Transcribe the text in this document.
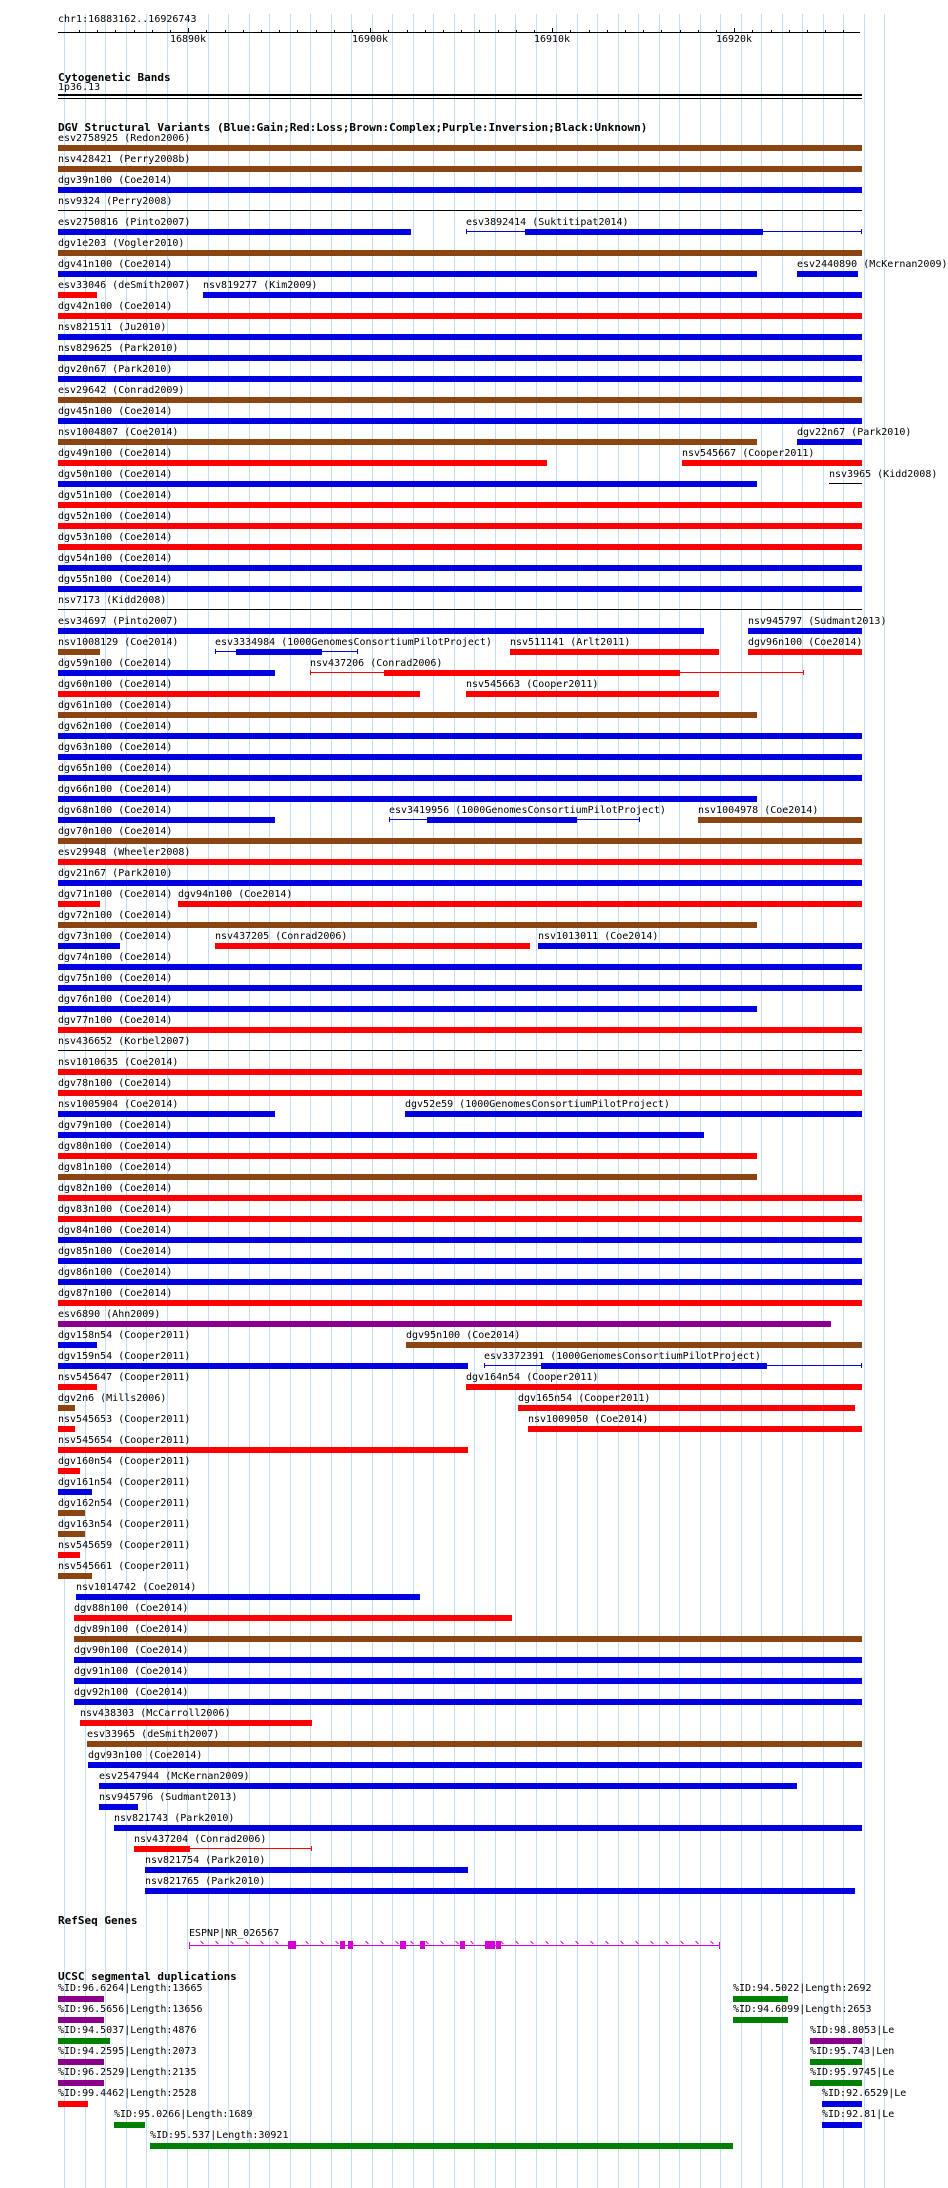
chr1:16883162..16926743
16890k	16900k	16910k	16920k
Cytogenetic Bands
1p36.13
DGV Structural Variants (Blue:Gain;Red:Loss;Brown:Complex;Purple:Inversion;Black:Unknown)
esv2758925 (Redon2006)
nsv428421 (Perry2008b)
dgv39n100 (Coe2014)
nsv9324 (Perry2008)
esv2750816 (Pinto2007)	esv3892414 (Suktitipat2014)
dgv1e203 (Vogler2010)
dgv41n100 (Coe2014)	esv2440890 (McKernan2009)
esv33046 (deSmith2007) nsv819277 (Kim2009)
dgv42n100 (Coe2014)
nsv821511 (Ju2010)
nsv829625 (Park2010)
dgv20n67 (Park2010)
esv29642 (Conrad2009)
dgv45n100 (Coe2014)
nsv1004807 (Coe2014)	dgv22n67 (Park2010)
dgv49n100 (Coe2014)	nsv545667 (Cooper2011)
dgv50n100 (Coe2014)	nsv3965 (Kidd2008)
dgv51n100 (Coe2014)
dgv52n100 (Coe2014)
dgv53n100 (Coe2014)
dgv54n100 (Coe2014)
dgv55n100 (Coe2014)
nsv7173 (Kidd2008)
esv34697 (Pinto2007)	nsv945797 (Sudmant2013)
nsv1008129 (Coe2014)	esv3334984 (1000GenomesConsortiumPilotProject) nsv511141 (Arlt2011)	dgv96n100 (Coe2014)
dgv59n100 (Coe2014)	nsv437206 (Conrad2006)
dgv60n100 (Coe2014)	nsv545663 (Cooper2011)
dgv61n100 (Coe2014)
dgv62n100 (Coe2014)
dgv63n100 (Coe2014)
dgv65n100 (Coe2014)
dgv66n100 (Coe2014)
dgv68n100 (Coe2014)	esv3419956 (1000GenomesConsortiumPilotProject)	nsv1004978 (Coe2014)
dgv70n100 (Coe2014)
esv29948 (Wheeler2008)
dgv21n67 (Park2010)
dgv71n100 (Coe2014) dgv94n100 (Coe2014)
dgv72n100 (Coe2014)
dgv73n100 (Coe2014)	nsv437205 (Conrad2006)	nsv1013011 (Coe2014)
dgv74n100 (Coe2014)
dgv75n100 (Coe2014)
dgv76n100 (Coe2014)
dgv77n100 (Coe2014)
nsv436652 (Korbel2007)
nsv1010635 (Coe2014)
dgv78n100 (Coe2014)
nsv1005904 (Coe2014)	dgv52e59 (1000GenomesConsortiumPilotProject)
dgv79n100 (Coe2014)
dgv80n100 (Coe2014)
dgv81n100 (Coe2014)
dgv82n100 (Coe2014)
dgv83n100 (Coe2014)
dgv84n100 (Coe2014)
dgv85n100 (Coe2014)
dgv86n100 (Coe2014)
dgv87n100 (Coe2014)
esv6890 (Ahn2009)
dgv158n54 (Cooper2011)	dgv95n100 (Coe2014)
dgv159n54 (Cooper2011)	esv3372391 (1000GenomesConsortiumPilotProject)
nsv545647 (Cooper2011)	dgv164n54 (Cooper2011)
dgv2n6 (Mills2006)	dgv165n54 (Cooper2011)
nsv545653 (Cooper2011)	nsv1009050 (Coe2014)
nsv545654 (Cooper2011)
dgv160n54 (Cooper2011)
dgv161n54 (Cooper2011)
dgv162n54 (Cooper2011)
dgv163n54 (Cooper2011)
nsv545659 (Cooper2011)
nsv545661 (Cooper2011)
nsv1014742 (Coe2014)
dgv88n100 (Coe2014)
dgv89n100 (Coe2014)
dgv90n100 (Coe2014)
dgv91n100 (Coe2014)
dgv92n100 (Coe2014)
nsv438303 (McCarroll2006)
esv33965 (deSmith2007)
dgv93n100 (Coe2014)
esv2547944 (McKernan2009)
nsv945796 (Sudmant2013)
nsv821743 (Park2010)
nsv437204 (Conrad2006)
nsv821754 (Park2010)
nsv821765 (Park2010)
RefSeq Genes
ESPNP|NR_026567
UCSC segmental duplications
%ID:96.6264|Length:13665	%ID:94.5022|Length:2692
%ID:96.5656|Length:13656	%ID:94.6099|Length:2653
%ID:94.5037|Length:4876	%ID:98.8053|Le
%ID:94.2595|Length:2073	%ID:95.743|Len
%ID:96.2529|Length:2135	%ID:95.9745|Le
%ID:99.4462|Length:2528	%ID:92.6529|Le
%ID:95.0266|Length:1689	%ID:92.81|Le
%ID:95.537|Length:30921
